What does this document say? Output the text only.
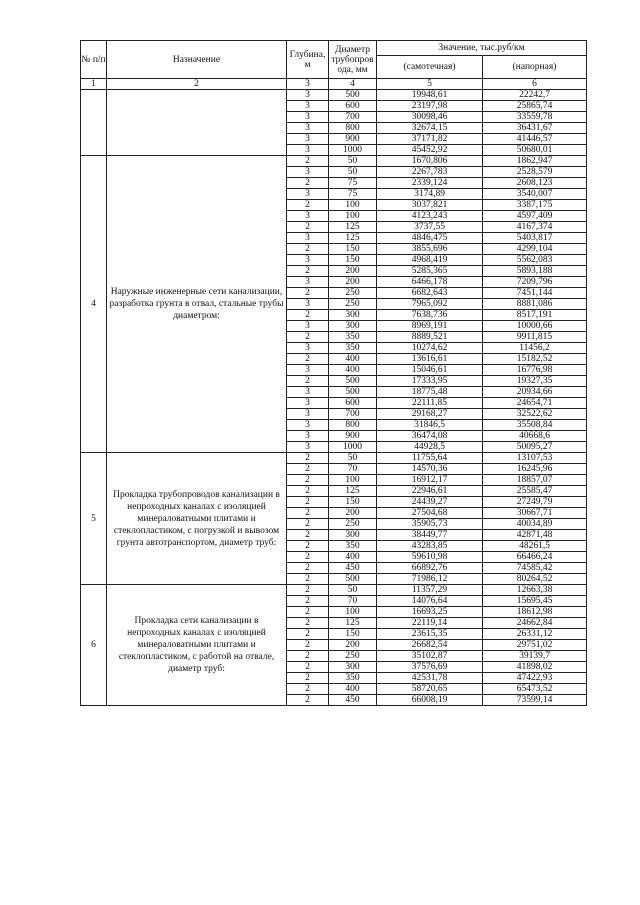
№ п/п	Назначение	Глубина, м	Диаметр трубопров ода, мм	Значение, тыс.руб/км	
				(самотечная)	(напорная)
1	2	3	4	5	6
		3	500	19948,61	22242,7
		3	600	23197,98	25865,74
		3	700	30098,46	33559,78
		3	800	32674,15	36431,67
		3	900	37171,82	41446,57
		3	1000	45452,92	50680,01
4	Наружные инженерные сети канализации, разработка грунта в отвал, стальные трубы диаметром:	2	50	1670,806	1862,947
		3	50	2267,783	2528,579
		2	75	2339,124	2608,123
		3	75	3174,89	3540,007
		2	100	3037,821	3387,175
		3	100	4123,243	4597,409
		2	125	3737,55	4167,374
		3	125	4846,475	5403,817
		2	150	3855,696	4299,104
		3	150	4968,419	5562,083
		2	200	5285,365	5893,188
		3	200	6466,178	7209,796
		2	250	6682,643	7451,144
		3	250	7965,092	8881,086
		2	300	7638,736	8517,191
		3	300	8969,191	10000,66
		2	350	8889,521	9911,815
		3	350	10274,62	11456,2
		2	400	13616,61	15182,52
		3	400	15046,61	16776,98
		2	500	17333,95	19327,35
		3	500	18775,48	20934,66
		3	600	22111,85	24654,71
		3	700	29168,27	32522,62
		3	800	31846,5	35508,84
		3	900	36474,08	40668,6
		3	1000	44928,5	50095,27
5	Прокладка трубопроводов канализации в непроходных каналах с изоляцией минераловатными плитами и стеклопластиком, с погрузкой и вывозом грунта автотранспортом, диаметр труб:	2	50	11755,64	13107,53
		2	70	14570,36	16245,96
		2	100	16912,17	18857,07
		2	125	22946,61	25585,47
		2	150	24439,27	27249,79
		2	200	27504,68	30667,71
		2	250	35905,73	40034,89
		2	300	38449,77	42871,48
		2	350	43283,85	48261,5
		2	400	59610,98	66466,24
		2	450	66892,76	74585,42
		2	500	71986,12	80264,52
6	Прокладка сети канализации в непроходных каналах с изоляцией минераловатными плитами и стеклопластиком, с работой на отвале, диаметр труб:	2	50	11357,29	12663,38
		2	70	14076,64	15695,45
		2	100	16693,25	18612,98
		2	125	22119,14	24662,84
		2	150	23615,35	26331,12
		2	200	26682,54	29751,02
		2	250	35102,87	39139,7
		2	300	37576,69	41898,02
		2	350	42531,78	47422,93
		2	400	58720,65	65473,52
		2	450	66008,19	73599,14
